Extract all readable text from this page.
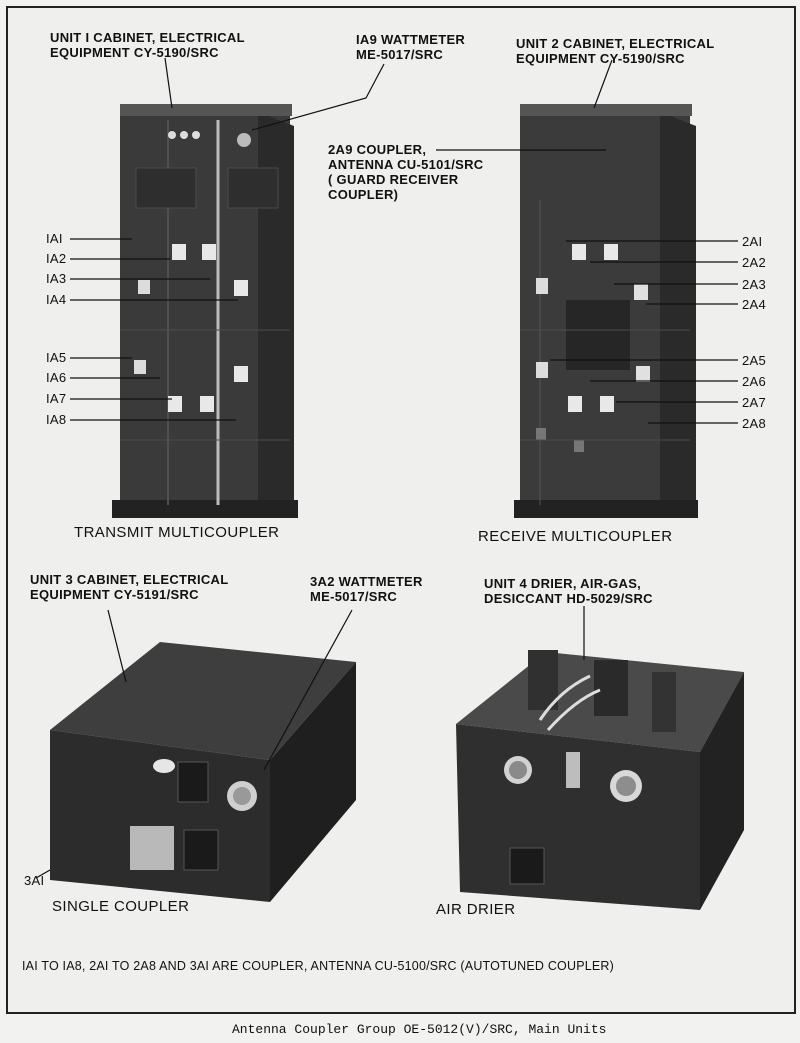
UNIT I CABINET, ELECTRICAL
EQUIPMENT CY-5190/SRC
IA9 WATTMETER
ME-5017/SRC
UNIT 2 CABINET, ELECTRICAL
EQUIPMENT CY-5190/SRC
2A9 COUPLER,
ANTENNA CU-5101/SRC
( GUARD RECEIVER
COUPLER)
IAI
IA2
IA3
IA4
IA5
IA6
IA7
IA8
2AI
2A2
2A3
2A4
2A5
2A6
2A7
2A8
TRANSMIT MULTICOUPLER	RECEIVE MULTICOUPLER
UNIT 3 CABINET, ELECTRICAL
EQUIPMENT CY-5191/SRC
3A2 WATTMETER
ME-5017/SRC
UNIT 4 DRIER, AIR-GAS,
DESICCANT HD-5029/SRC
3AI
SINGLE COUPLER	AIR DRIER
IAI TO IA8, 2AI TO 2A8 AND 3AI ARE COUPLER, ANTENNA CU-5100/SRC (AUTOTUNED COUPLER)
Antenna Coupler Group OE-5012(V)/SRC, Main Units
